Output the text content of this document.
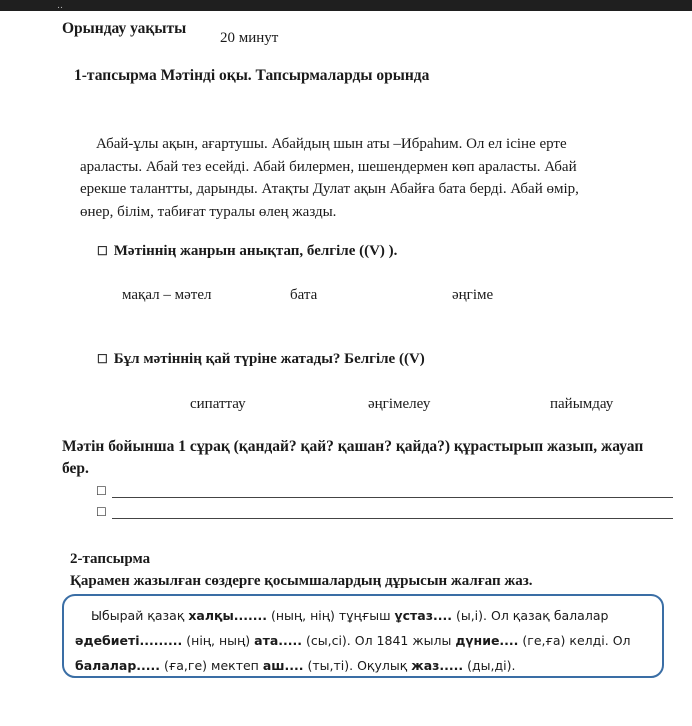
‥
Орындау уақыты
20 минут
1-тапсырма Мәтінді оқы. Тапсырмаларды орында
Абай-ұлы ақын, ағартушы. Абайдың шын аты –Ибраһим. Ол ел ісіне ерте
араласты. Абай тез есейді. Абай билермен, шешендермен көп араласты. Абай
ерекше талантты, дарынды. Атақты Дулат ақын Абайға бата берді. Абай өмір,
өнер, білім, табиғат туралы өлең жазды.
☐ Мәтіннің жанрын анықтап, белгіле ((V) ).
мақал – мәтел	бата	әңгіме
☐ Бұл мәтіннің қай түріне жатады? Белгіле ((V)
сипаттау	әңгімелеу	пайымдау
Мәтін бойынша 1 сұрақ (қандай? қай? қашан? қайда?) құрастырып жазып, жауап
бер.
☐
☐
2-тапсырма
Қарамен жазылған сөздерге қосымшалардың дұрысын жалғап жаз.
Ыбырай қазақ халқы....... (ның, нің) тұңғыш ұстаз.... (ы,і). Ол қазақ балалар
әдебиеті......... (нің, ның) ата..... (сы,сі). Ол 1841 жылы дүние.... (ге,ға) келді. Ол
балалар..... (ға,ге) мектеп аш.... (ты,ті). Оқулық жаз..... (ды,ді).
